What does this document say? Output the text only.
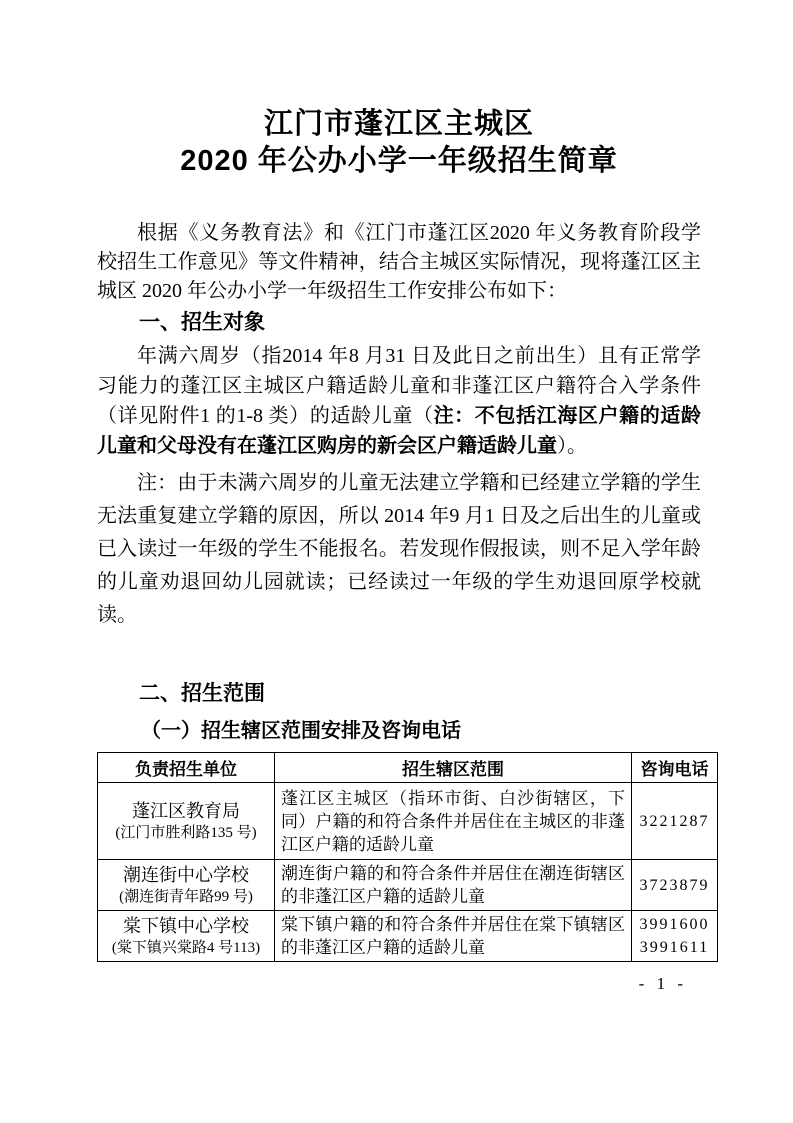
江门市蓬江区主城区
2020 年公办小学一年级招生简章

根据《义务教育法》和《江门市蓬江区2020 年义务教育阶段学校招生工作意见》等文件精神，结合主城区实际情况，现将蓬江区主城区 2020 年公办小学一年级招生工作安排公布如下：

一、招生对象

年满六周岁（指2014 年8 月31 日及此日之前出生）且有正常学习能力的蓬江区主城区户籍适龄儿童和非蓬江区户籍符合入学条件（详见附件1 的1-8 类）的适龄儿童（注：不包括江海区户籍的适龄儿童和父母没有在蓬江区购房的新会区户籍适龄儿童）。

注：由于未满六周岁的儿童无法建立学籍和已经建立学籍的学生无法重复建立学籍的原因，所以 2014 年9 月1 日及之后出生的儿童或已入读过一年级的学生不能报名。若发现作假报读，则不足入学年龄的儿童劝退回幼儿园就读；已经读过一年级的学生劝退回原学校就读。

二、招生范围
（一）招生辖区范围安排及咨询电话
负责招生单位	招生辖区范围	咨询电话

蓬江区教育局
(江门市胜利路135 号)	蓬江区主城区（指环市街、白沙街辖区，下同）户籍的和符合条件并居住在主城区的非蓬江区户籍的适龄儿童	3221287

潮连街中心学校
(潮连街青年路99 号)	潮连街户籍的和符合条件并居住在潮连街辖区的非蓬江区户籍的适龄儿童	3723879

棠下镇中心学校
(棠下镇兴棠路4 号113)	棠下镇户籍的和符合条件并居住在棠下镇辖区的非蓬江区户籍的适龄儿童	3991600
3991611
- 1 -
